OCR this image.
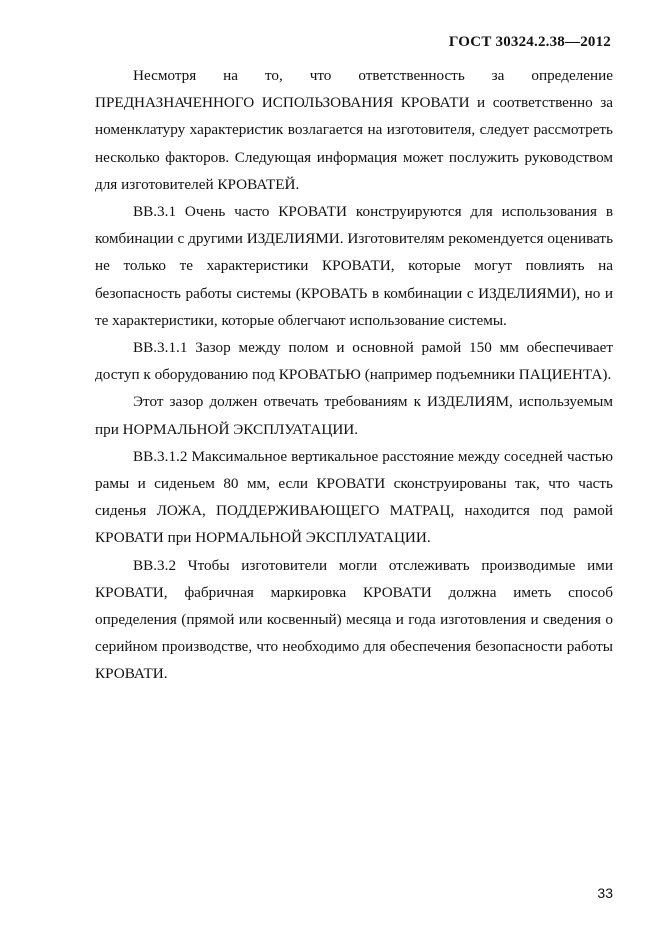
ГОСТ 30324.2.38—2012

Несмотря на то, что ответственность за определение ПРЕДНАЗНАЧЕННОГО ИСПОЛЬЗОВАНИЯ КРОВАТИ и соответственно за номенклатуру характеристик возлагается на изготовителя, следует рассмотреть несколько факторов. Следующая информация может послужить руководством для изготовителей КРОВАТЕЙ.

ВВ.3.1 Очень часто КРОВАТИ конструируются для использования в комбинации с другими ИЗДЕЛИЯМИ. Изготовителям рекомендуется оценивать не только те характеристики КРОВАТИ, которые могут повлиять на безопасность работы системы (КРОВАТЬ в комбинации с ИЗДЕЛИЯМИ), но и те характеристики, которые облегчают использование системы.

ВВ.3.1.1 Зазор между полом и основной рамой 150 мм обеспечивает доступ к оборудованию под КРОВАТЬЮ (например подъемники ПАЦИЕНТА).

Этот зазор должен отвечать требованиям к ИЗДЕЛИЯМ, используемым при НОРМАЛЬНОЙ ЭКСПЛУАТАЦИИ.

ВВ.3.1.2 Максимальное вертикальное расстояние между соседней частью рамы и сиденьем 80 мм, если КРОВАТИ сконструированы так, что часть сиденья ЛОЖА, ПОДДЕРЖИВАЮЩЕГО МАТРАЦ, находится под рамой КРОВАТИ при НОРМАЛЬНОЙ ЭКСПЛУАТАЦИИ.

ВВ.3.2 Чтобы изготовители могли отслеживать производимые ими КРОВАТИ, фабричная маркировка КРОВАТИ должна иметь способ определения (прямой или косвенный) месяца и года изготовления и сведения о серийном производстве, что необходимо для обеспечения безопасности работы КРОВАТИ.

33
